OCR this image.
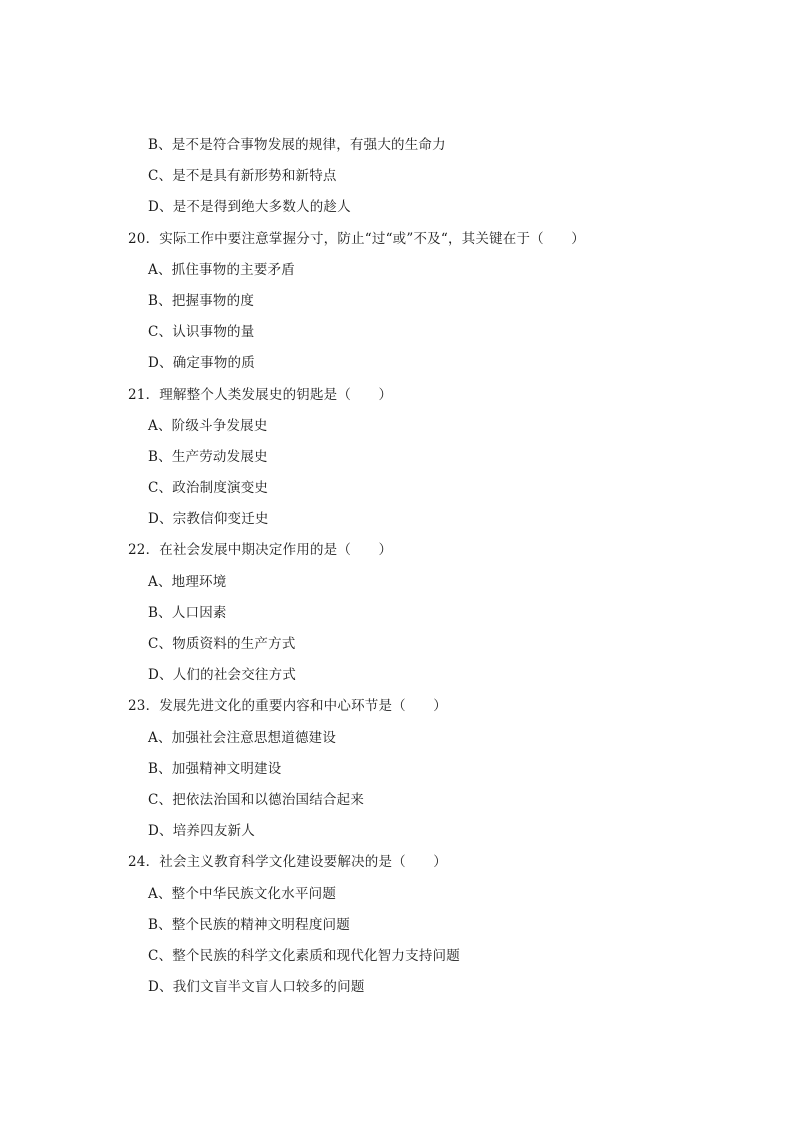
B、是不是符合事物发展的规律，有强大的生命力
C、是不是具有新形势和新特点
D、是不是得到绝大多数人的趁人
20．实际工作中要注意掌握分寸，防止“过“或”不及“，其关键在于（　　）
A、抓住事物的主要矛盾
B、把握事物的度
C、认识事物的量
D、确定事物的质
21．理解整个人类发展史的钥匙是（　　）
A、阶级斗争发展史
B、生产劳动发展史
C、政治制度演变史
D、宗教信仰变迁史
22．在社会发展中期决定作用的是（　　）
A、地理环境
B、人口因素
C、物质资料的生产方式
D、人们的社会交往方式
23．发展先进文化的重要内容和中心环节是（　　）
A、加强社会注意思想道德建设
B、加强精神文明建设
C、把依法治国和以德治国结合起来
D、培养四友新人
24．社会主义教育科学文化建设要解决的是（　　）
A、整个中华民族文化水平问题
B、整个民族的精神文明程度问题
C、整个民族的科学文化素质和现代化智力支持问题
D、我们文盲半文盲人口较多的问题
